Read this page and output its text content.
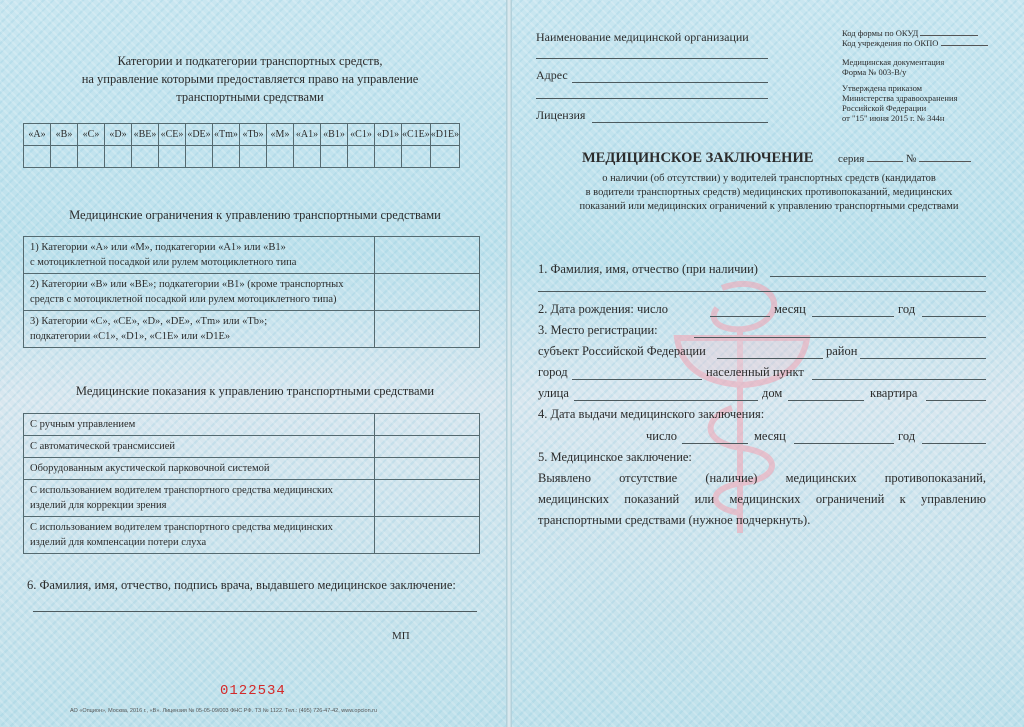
Категории и подкатегории транспортных средств,
на управление которыми предоставляется право на управление
транспортными средствами
«A»	«B»	«C»	«D»	«BE»	«CE»	«DE»	«Tm»	«Tb»	«M»	«A1»	«B1»	«C1»	«D1»	«C1E»	«D1E»

Медицинские ограничения к управлению транспортными средствами
1) Категории «A» или «M», подкатегории «A1» или «B1»
с мотоциклетной посадкой или рулем мотоциклетного типа	

2) Категории «B» или «BE»; подкатегории «B1» (кроме транспортных
средств с мотоциклетной посадкой или рулем мотоциклетного типа)	

3) Категории «C», «CE», «D», «DE», «Tm» или «Tb»;
подкатегории «C1», «D1», «C1E» или «D1E»	

Медицинские показания к управлению транспортными средствами
С ручным управлением	

С автоматической трансмиссией	

Оборудованным акустической парковочной системой	

С использованием водителем транспортного средства медицинских
изделий для коррекции зрения	

С использованием водителем транспортного средства медицинских
изделий для компенсации потери слуха	

6. Фамилия, имя, отчество, подпись врача, выдавшего медицинское заключение:
МП
0122534
АО «Опцион», Москва, 2016 г., «В». Лицензия № 05-05-09/003 ФНС РФ. ТЗ № 1122. Тел.: (495) 726-47-42, www.opcion.ru
Наименование медицинской организации
Адрес
Лицензия
Код формы по ОКУД
Код учреждения по ОКПО
Медицинская документация
Форма № 003-В/у
Утверждена приказом
Министерства здравоохранения
Российской Федерации
от "15" июня 2015 г. № 344н
МЕДИЦИНСКОЕ ЗАКЛЮЧЕНИЕ серия	№
о наличии (об отсутствии) у водителей транспортных средств (кандидатов
в водители транспортных средств) медицинских противопоказаний, медицинских
показаний или медицинских ограничений к управлению транспортными средствами
1. Фамилия, имя, отчество (при наличии)
2. Дата рождения: число	месяц	год
3. Место регистрации:
субъект Российской Федерации	район
город	населенный пункт
улица	дом	квартира
4. Дата выдачи медицинского заключения:
число	месяц	год
5. Медицинское заключение:
Выявлено отсутствие (наличие) медицинских противопоказаний,
медицинских показаний или медицинских ограничений к управлению
транспортными средствами (нужное подчеркнуть).
